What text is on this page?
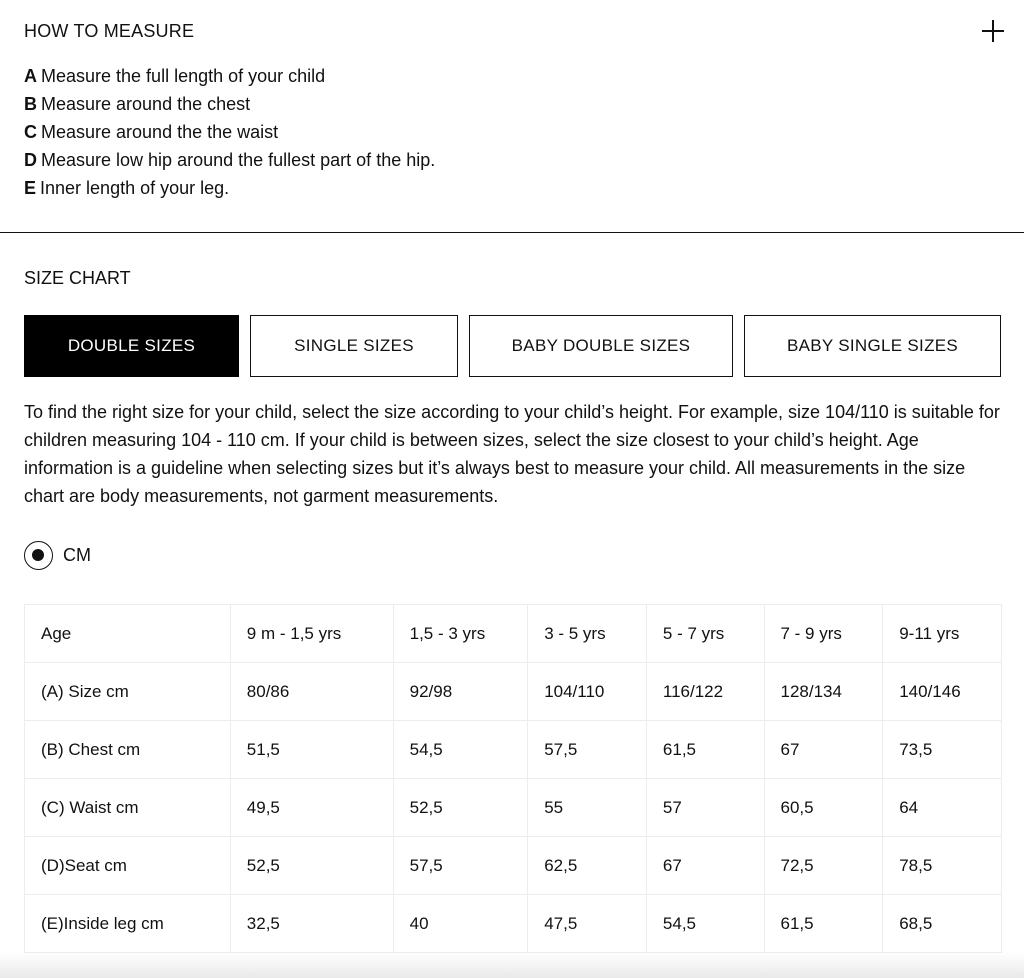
HOW TO MEASURE
A Measure the full length of your child
B Measure around the chest
C Measure around the the waist
D Measure low hip around the fullest part of the hip.
E Inner length of your leg.
SIZE CHART
DOUBLE SIZES	SINGLE SIZES	BABY DOUBLE SIZES	BABY SINGLE SIZES

To find the right size for your child, select the size according to your child’s height. For example, size 104/110 is suitable for children measuring 104 - 110 cm. If your child is between sizes, select the size closest to your child’s height. Age information is a guideline when selecting sizes but it’s always best to measure your child. All measurements in the size chart are body measurements, not garment measurements.

CM
Age	9 m - 1,5 yrs	1,5 - 3 yrs	3 - 5 yrs	5 - 7 yrs	7 - 9 yrs	9-11 yrs
(A) Size cm	80/86	92/98	104/110	116/122	128/134	140/146
(B) Chest cm	51,5	54,5	57,5	61,5	67	73,5
(C) Waist cm	49,5	52,5	55	57	60,5	64
(D)Seat cm	52,5	57,5	62,5	67	72,5	78,5
(E)Inside leg cm	32,5	40	47,5	54,5	61,5	68,5
